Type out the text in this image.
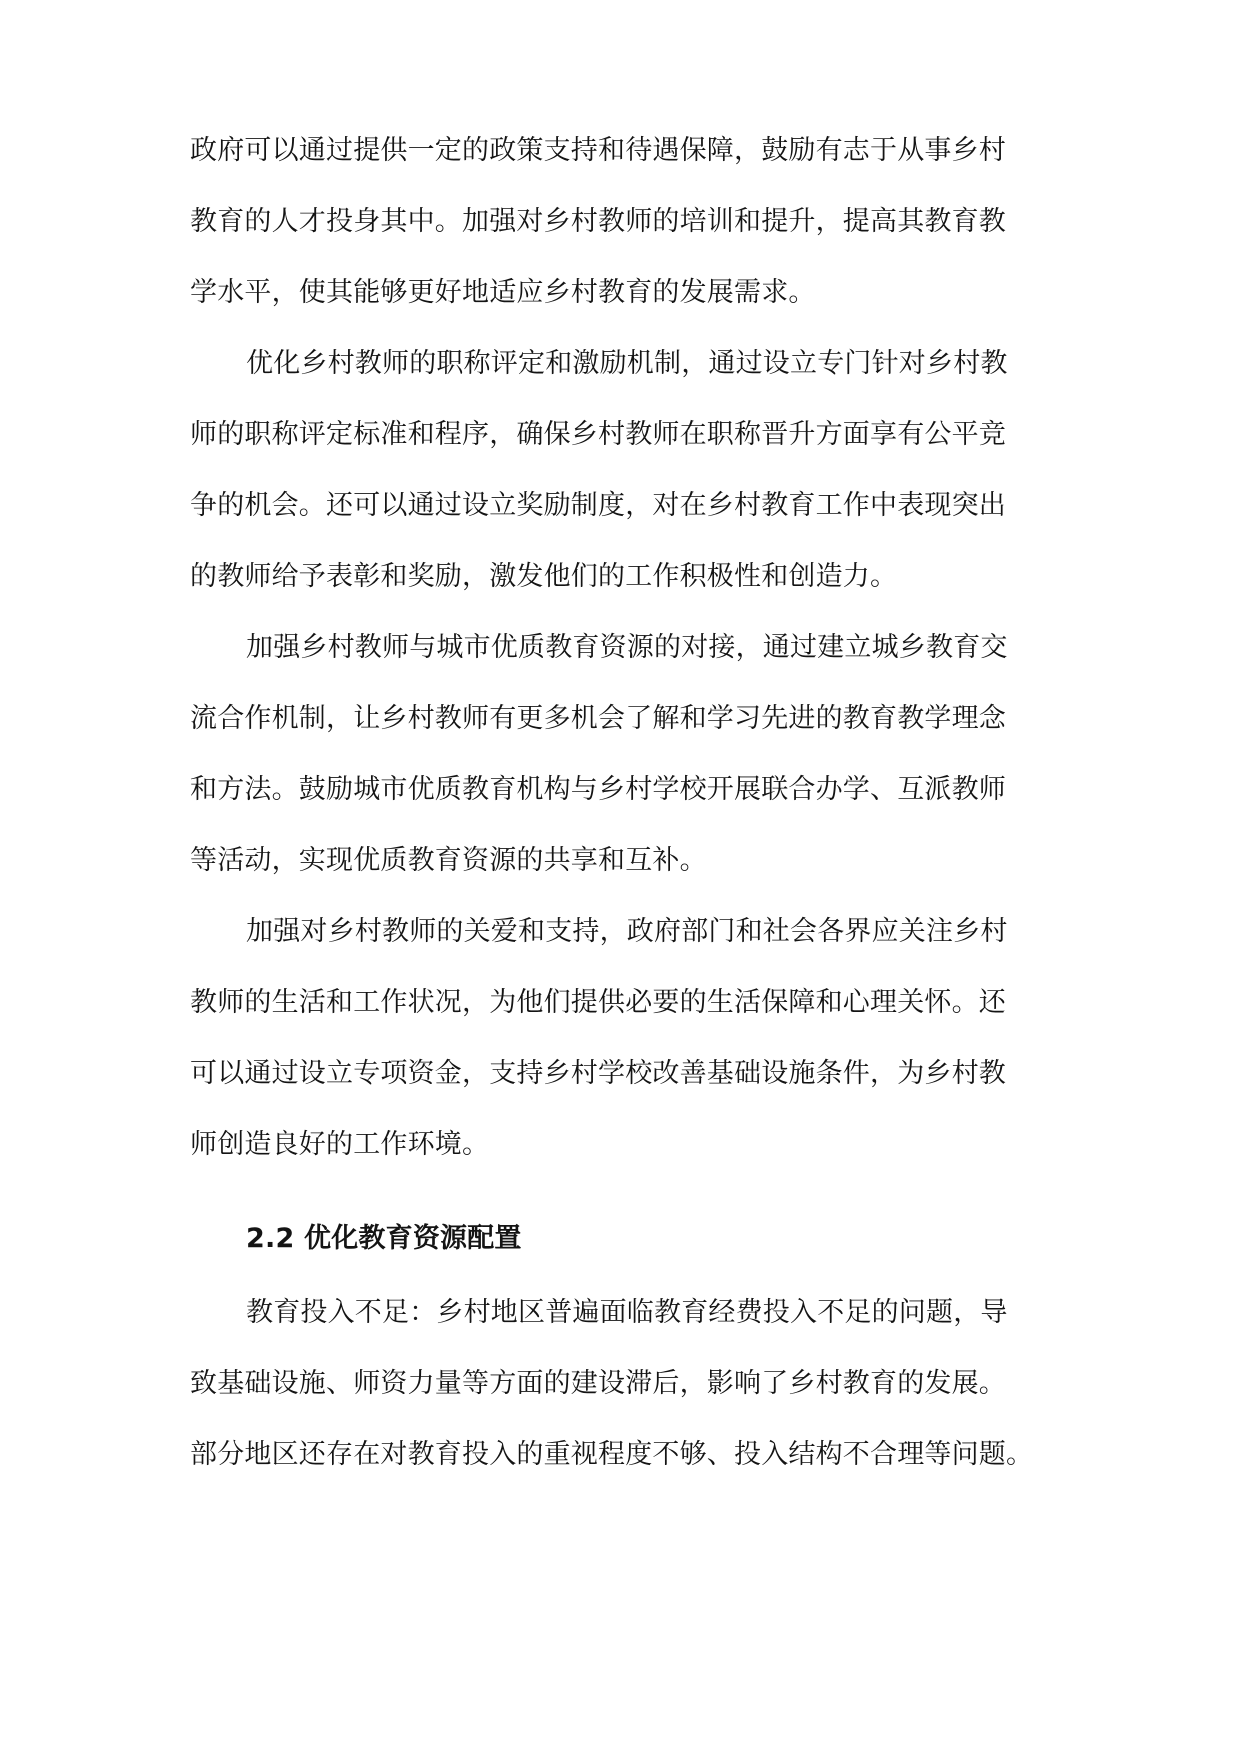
政府可以通过提供一定的政策支持和待遇保障，鼓励有志于从事乡村
教育的人才投身其中。加强对乡村教师的培训和提升，提高其教育教
学水平，使其能够更好地适应乡村教育的发展需求。
优化乡村教师的职称评定和激励机制，通过设立专门针对乡村教
师的职称评定标准和程序，确保乡村教师在职称晋升方面享有公平竞
争的机会。还可以通过设立奖励制度，对在乡村教育工作中表现突出
的教师给予表彰和奖励，激发他们的工作积极性和创造力。
加强乡村教师与城市优质教育资源的对接，通过建立城乡教育交
流合作机制，让乡村教师有更多机会了解和学习先进的教育教学理念
和方法。鼓励城市优质教育机构与乡村学校开展联合办学、互派教师
等活动，实现优质教育资源的共享和互补。
加强对乡村教师的关爱和支持，政府部门和社会各界应关注乡村
教师的生活和工作状况，为他们提供必要的生活保障和心理关怀。还
可以通过设立专项资金，支持乡村学校改善基础设施条件，为乡村教
师创造良好的工作环境。
2.2 优化教育资源配置
教育投入不足：乡村地区普遍面临教育经费投入不足的问题，导
致基础设施、师资力量等方面的建设滞后，影响了乡村教育的发展。
部分地区还存在对教育投入的重视程度不够、投入结构不合理等问题。
